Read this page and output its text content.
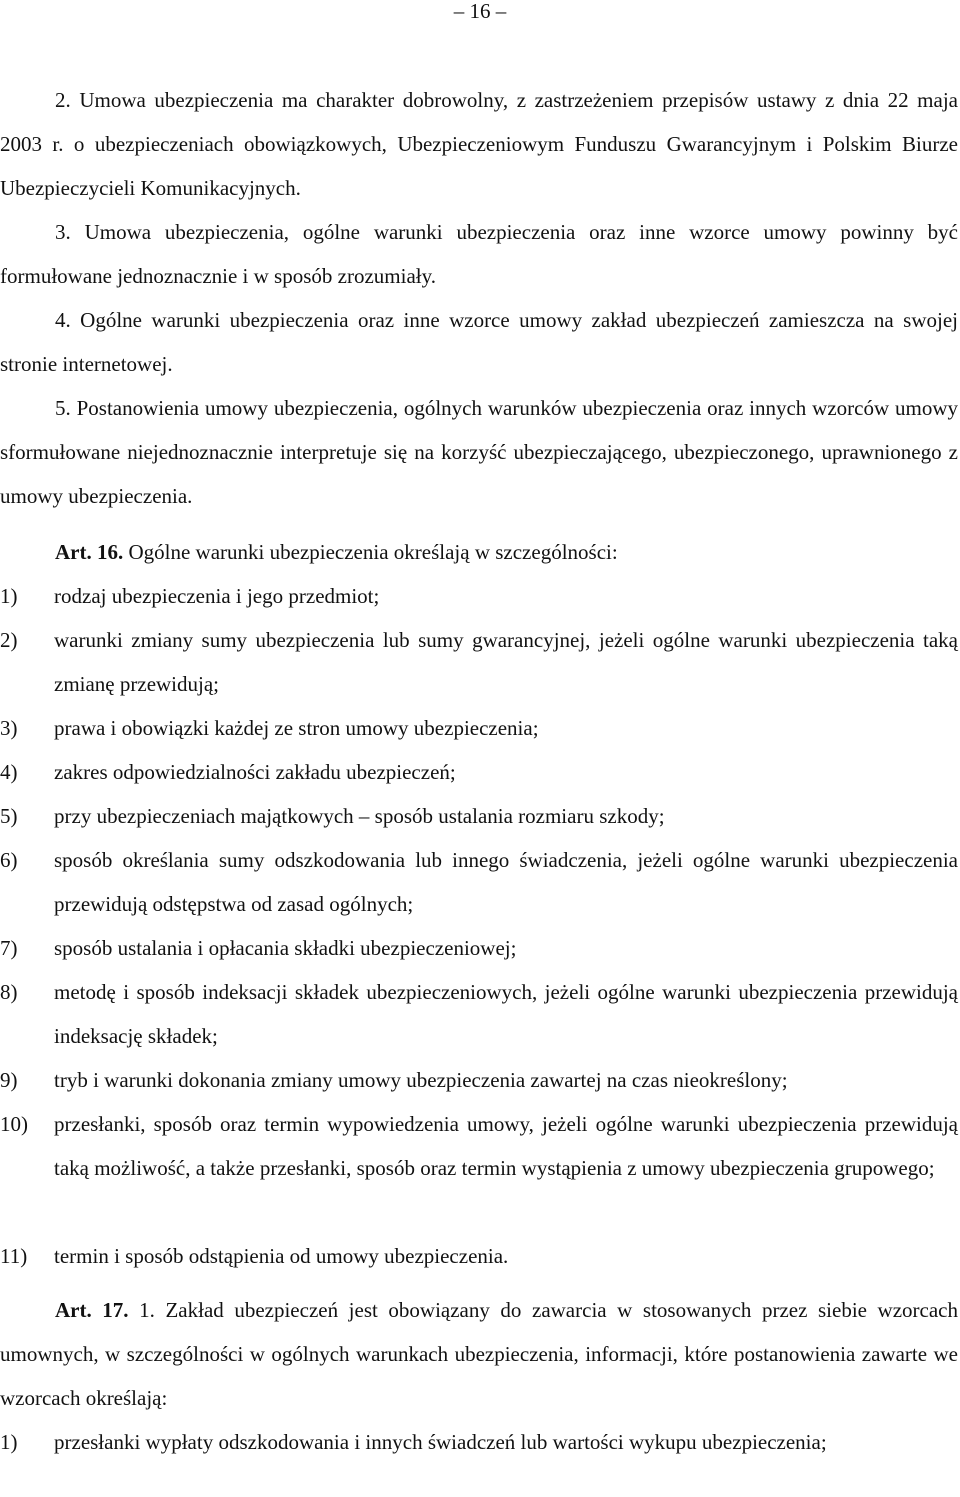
– 16 –
2. Umowa ubezpieczenia ma charakter dobrowolny, z zastrzeżeniem przepisów ustawy z dnia 22 maja 2003 r. o ubezpieczeniach obowiązkowych, Ubezpieczeniowym Funduszu Gwarancyjnym i Polskim Biurze Ubezpieczycieli Komunikacyjnych.
3. Umowa ubezpieczenia, ogólne warunki ubezpieczenia oraz inne wzorce umowy powinny być formułowane jednoznacznie i w sposób zrozumiały.
4. Ogólne warunki ubezpieczenia oraz inne wzorce umowy zakład ubezpieczeń zamieszcza na swojej stronie internetowej.
5. Postanowienia umowy ubezpieczenia, ogólnych warunków ubezpieczenia oraz innych wzorców umowy sformułowane niejednoznacznie interpretuje się na korzyść ubezpieczającego, ubezpieczonego, uprawnionego z umowy ubezpieczenia.
Art. 16. Ogólne warunki ubezpieczenia określają w szczególności:
1)	rodzaj ubezpieczenia i jego przedmiot;
2)	warunki zmiany sumy ubezpieczenia lub sumy gwarancyjnej, jeżeli ogólne warunki ubezpieczenia taką zmianę przewidują;
3)	prawa i obowiązki każdej ze stron umowy ubezpieczenia;
4)	zakres odpowiedzialności zakładu ubezpieczeń;
5)	przy ubezpieczeniach majątkowych – sposób ustalania rozmiaru szkody;
6)	sposób określania sumy odszkodowania lub innego świadczenia, jeżeli ogólne warunki ubezpieczenia przewidują odstępstwa od zasad ogólnych;
7)	sposób ustalania i opłacania składki ubezpieczeniowej;
8)	metodę i sposób indeksacji składek ubezpieczeniowych, jeżeli ogólne warunki ubezpieczenia przewidują indeksację składek;
9)	tryb i warunki dokonania zmiany umowy ubezpieczenia zawartej na czas nieokreślony;
10)	przesłanki, sposób oraz termin wypowiedzenia umowy, jeżeli ogólne warunki ubezpieczenia przewidują taką możliwość, a także przesłanki, sposób oraz termin wystąpienia z umowy ubezpieczenia grupowego;
11)	termin i sposób odstąpienia od umowy ubezpieczenia.
Art. 17. 1. Zakład ubezpieczeń jest obowiązany do zawarcia w stosowanych przez siebie wzorcach umownych, w szczególności w ogólnych warunkach ubezpieczenia, informacji, które postanowienia zawarte we wzorcach określają:
1)	przesłanki wypłaty odszkodowania i innych świadczeń lub wartości wykupu ubezpieczenia;
